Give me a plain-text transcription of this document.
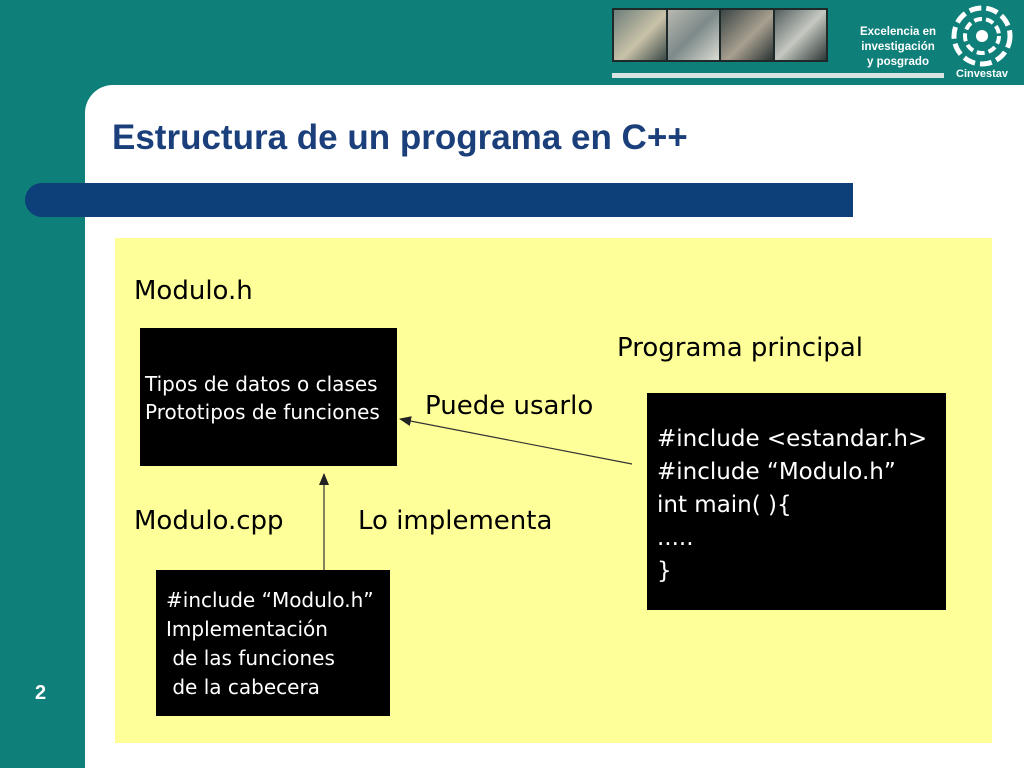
Excelencia en
investigación
y posgrado
Cinvestav
Estructura de un programa en C++
Modulo.h
Programa principal
Puede usarlo
Modulo.cpp	Lo implementa
Tipos de datos o clases
Prototipos de funciones
#include <estandar.h>
#include “Modulo.h”
int main( ){
.....
}
#include “Modulo.h”
Implementación
de las funciones
de la cabecera
2
